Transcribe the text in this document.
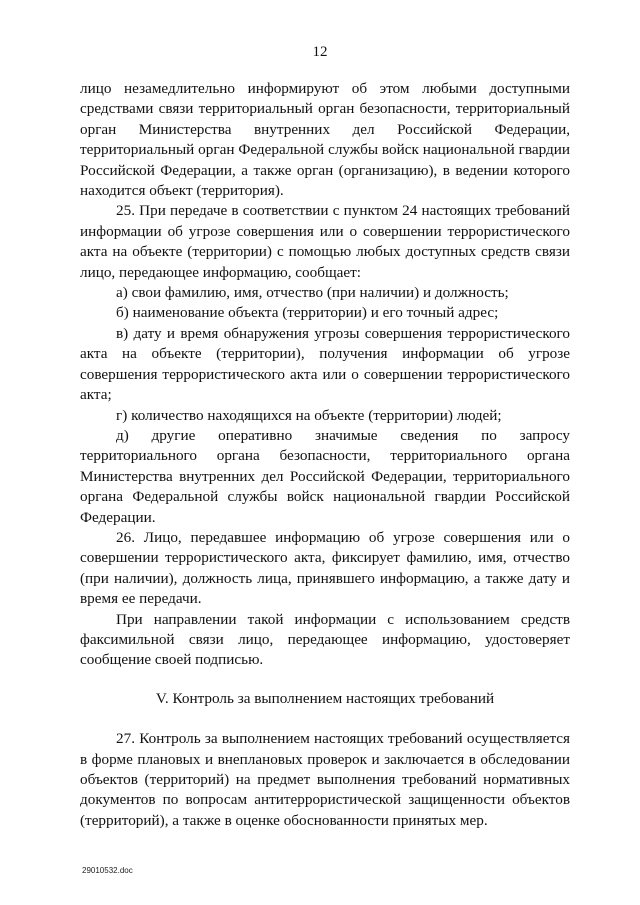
12

лицо незамедлительно информируют об этом любыми доступными средствами связи территориальный орган безопасности, территориальный орган Министерства внутренних дел Российской Федерации, территориальный орган Федеральной службы войск национальной гвардии Российской Федерации, а также орган (организацию), в ведении которого находится объект (территория).

25. При передаче в соответствии с пунктом 24 настоящих требований информации об угрозе совершения или о совершении террористического акта на объекте (территории) с помощью любых доступных средств связи лицо, передающее информацию, сообщает:

а) свои фамилию, имя, отчество (при наличии) и должность;

б) наименование объекта (территории) и его точный адрес;

в) дату и время обнаружения угрозы совершения террористического акта на объекте (территории), получения информации об угрозе совершения террористического акта или о совершении террористического акта;

г) количество находящихся на объекте (территории) людей;

д) другие оперативно значимые сведения по запросу территориального органа безопасности, территориального органа Министерства внутренних дел Российской Федерации, территориального органа Федеральной службы войск национальной гвардии Российской Федерации.

26. Лицо, передавшее информацию об угрозе совершения или о совершении террористического акта, фиксирует фамилию, имя, отчество (при наличии), должность лица, принявшего информацию, а также дату и время ее передачи.

При направлении такой информации с использованием средств факсимильной связи лицо, передающее информацию, удостоверяет сообщение своей подписью.

V. Контроль за выполнением настоящих требований

27. Контроль за выполнением настоящих требований осуществляется в форме плановых и внеплановых проверок и заключается в обследовании объектов (территорий) на предмет выполнения требований нормативных документов по вопросам антитеррористической защищенности объектов (территорий), а также в оценке обоснованности принятых мер.

29010532.doc
